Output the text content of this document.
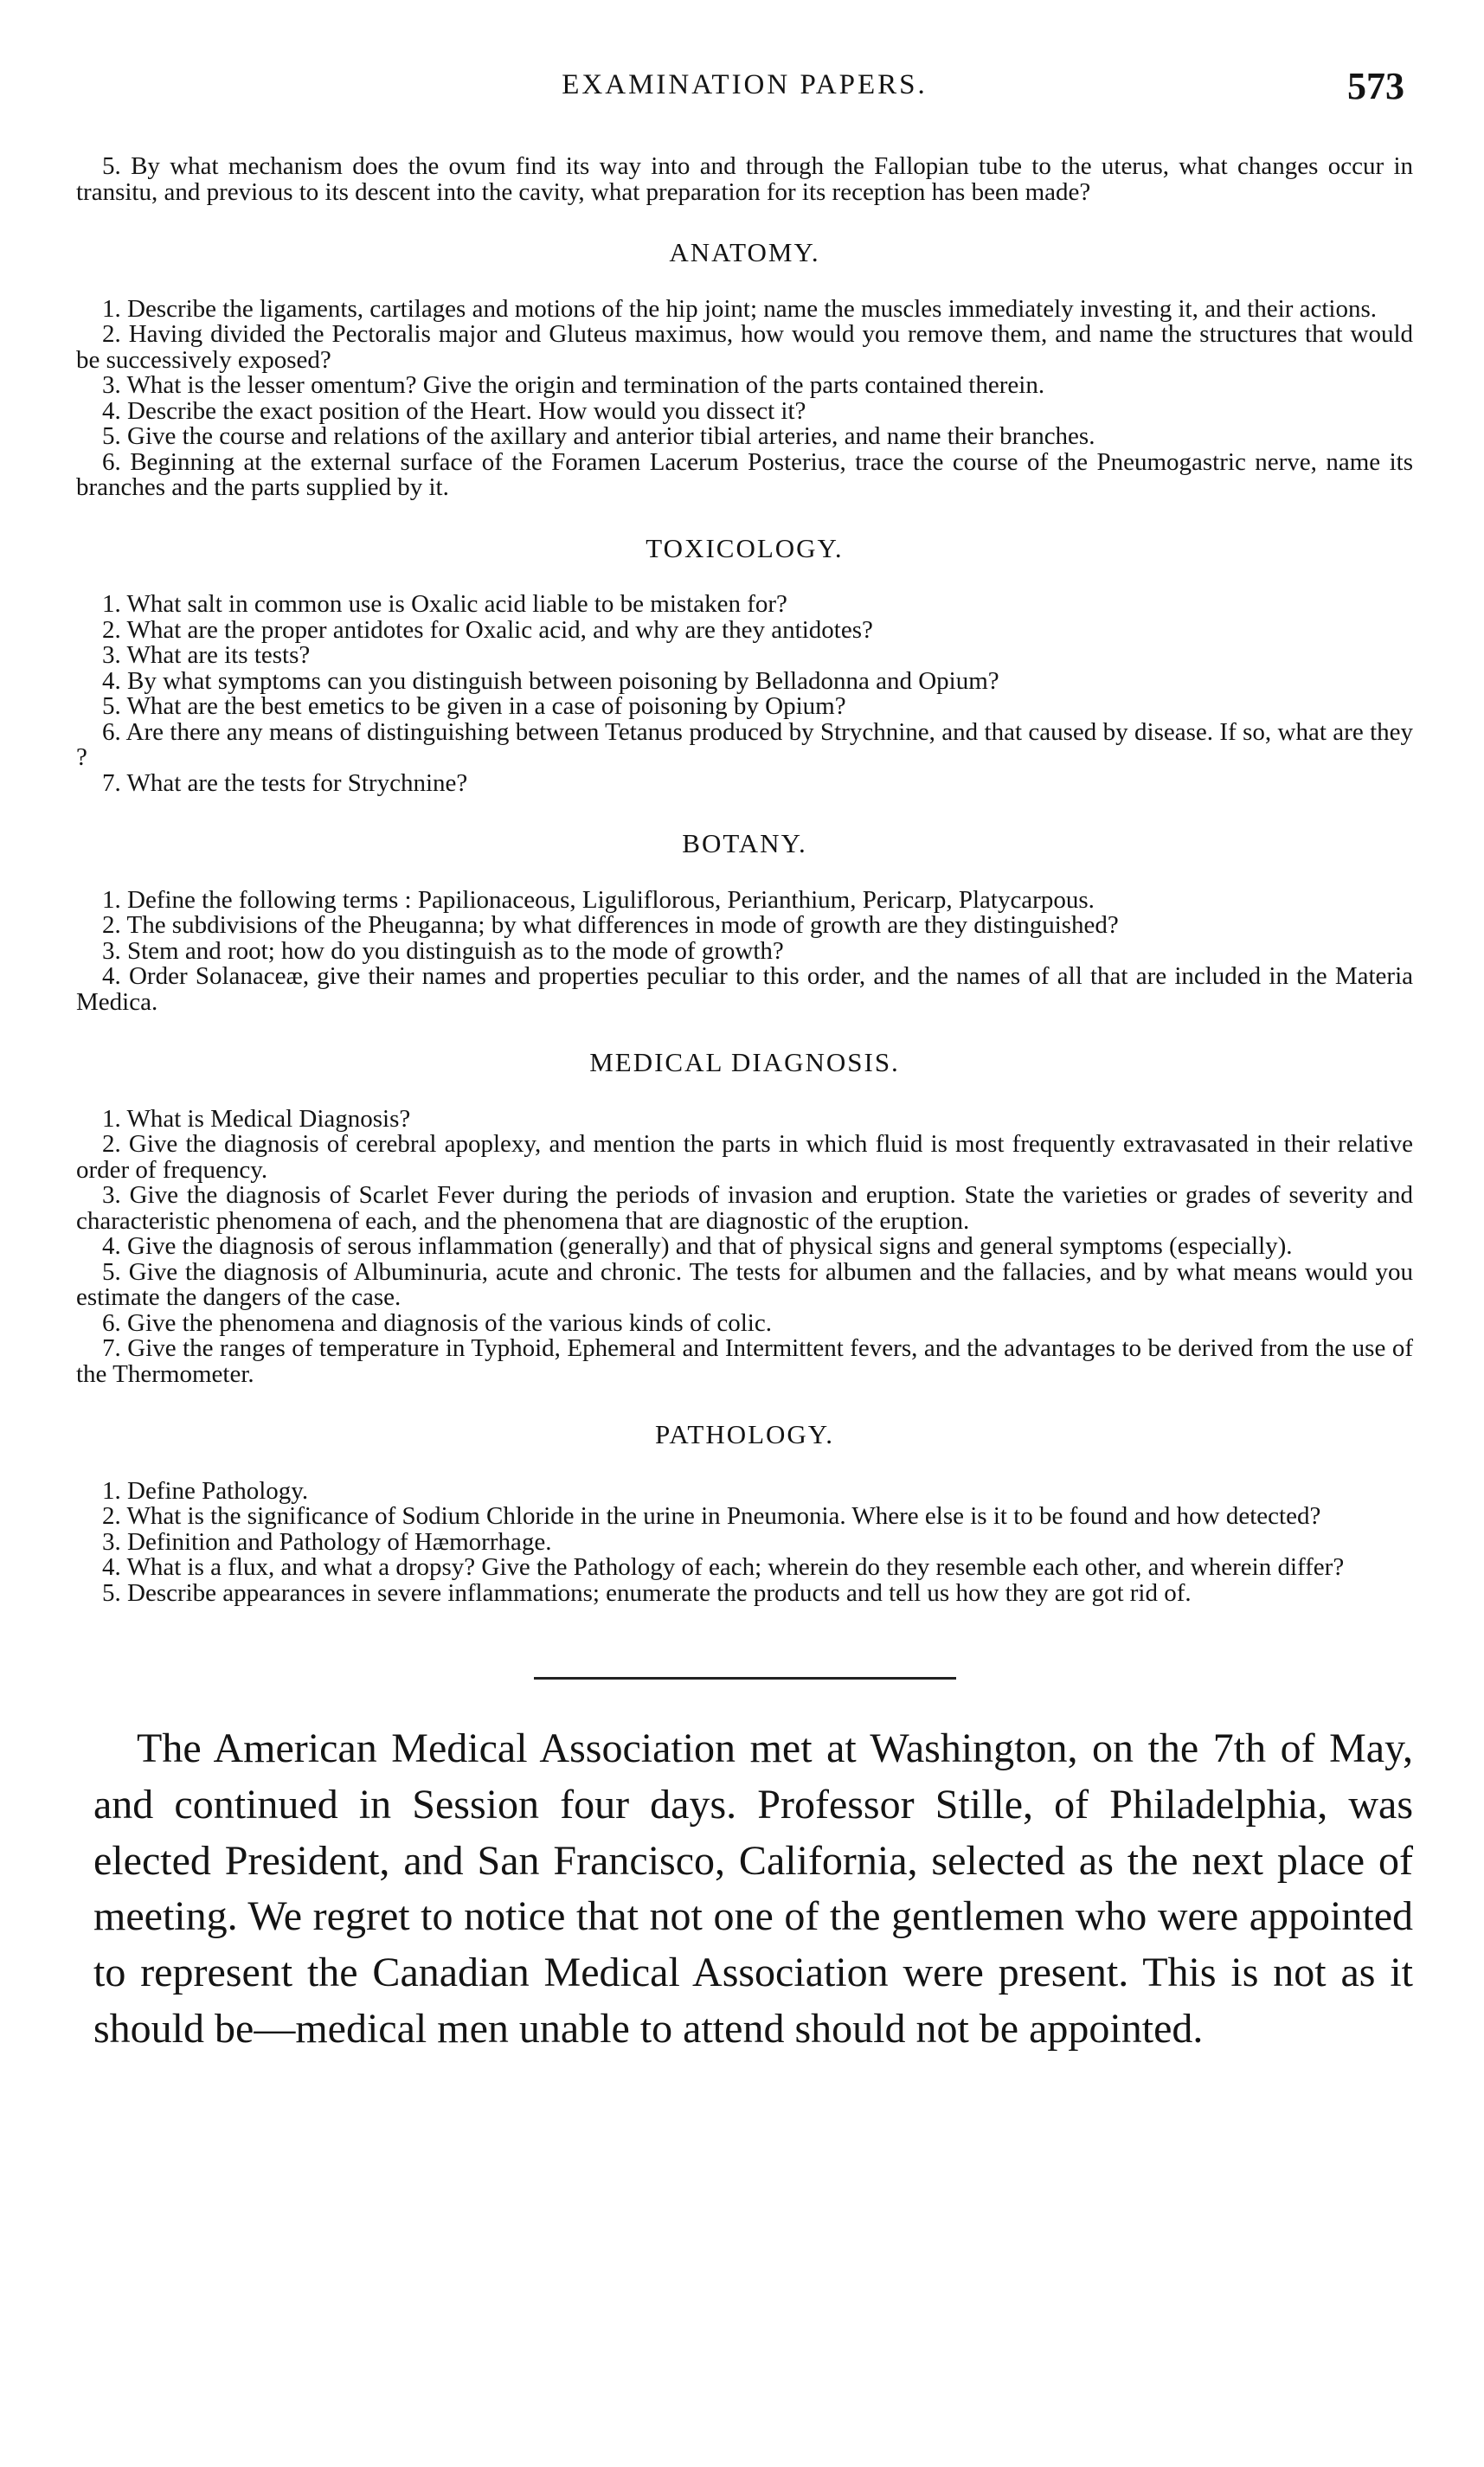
EXAMINATION PAPERS.	573

5. By what mechanism does the ovum find its way into and through the Fallopian tube to the uterus, what changes occur in transitu, and previous to its descent into the cavity, what preparation for its reception has been made?

ANATOMY.

1. Describe the ligaments, cartilages and motions of the hip joint; name the muscles immediately investing it, and their actions.

2. Having divided the Pectoralis major and Gluteus maximus, how would you remove them, and name the structures that would be successively exposed?

3. What is the lesser omentum? Give the origin and termination of the parts contained therein.

4. Describe the exact position of the Heart. How would you dissect it?

5. Give the course and relations of the axillary and anterior tibial arteries, and name their branches.

6. Beginning at the external surface of the Foramen Lacerum Posterius, trace the course of the Pneumogastric nerve, name its branches and the parts supplied by it.

TOXICOLOGY.

1. What salt in common use is Oxalic acid liable to be mistaken for?

2. What are the proper antidotes for Oxalic acid, and why are they antidotes?

3. What are its tests?

4. By what symptoms can you distinguish between poisoning by Belladonna and Opium?

5. What are the best emetics to be given in a case of poisoning by Opium?

6. Are there any means of distinguishing between Tetanus produced by Strychnine, and that caused by disease. If so, what are they ?

7. What are the tests for Strychnine?

BOTANY.

1. Define the following terms : Papilionaceous, Liguliflorous, Perianthium, Pericarp, Platycarpous.

2. The subdivisions of the Pheuganna; by what differences in mode of growth are they distinguished?

3. Stem and root; how do you distinguish as to the mode of growth?

4. Order Solanaceæ, give their names and properties peculiar to this order, and the names of all that are included in the Materia Medica.

MEDICAL DIAGNOSIS.

1. What is Medical Diagnosis?

2. Give the diagnosis of cerebral apoplexy, and mention the parts in which fluid is most frequently extravasated in their relative order of frequency.

3. Give the diagnosis of Scarlet Fever during the periods of invasion and eruption. State the varieties or grades of severity and characteristic phenomena of each, and the phenomena that are diagnostic of the eruption.

4. Give the diagnosis of serous inflammation (generally) and that of physical signs and general symptoms (especially).

5. Give the diagnosis of Albuminuria, acute and chronic. The tests for albumen and the fallacies, and by what means would you estimate the dangers of the case.

6. Give the phenomena and diagnosis of the various kinds of colic.

7. Give the ranges of temperature in Typhoid, Ephemeral and Intermittent fevers, and the advantages to be derived from the use of the Thermometer.

PATHOLOGY.

1. Define Pathology.

2. What is the significance of Sodium Chloride in the urine in Pneumonia. Where else is it to be found and how detected?

3. Definition and Pathology of Hæmorrhage.

4. What is a flux, and what a dropsy? Give the Pathology of each; wherein do they resemble each other, and wherein differ?

5. Describe appearances in severe inflammations; enumerate the products and tell us how they are got rid of.

The American Medical Association met at Washington, on the 7th of May, and continued in Session four days. Professor Stille, of Philadelphia, was elected President, and San Francisco, California, selected as the next place of meeting. We regret to notice that not one of the gentlemen who were appointed to represent the Canadian Medical Association were present. This is not as it should be—medical men unable to attend should not be appointed.
